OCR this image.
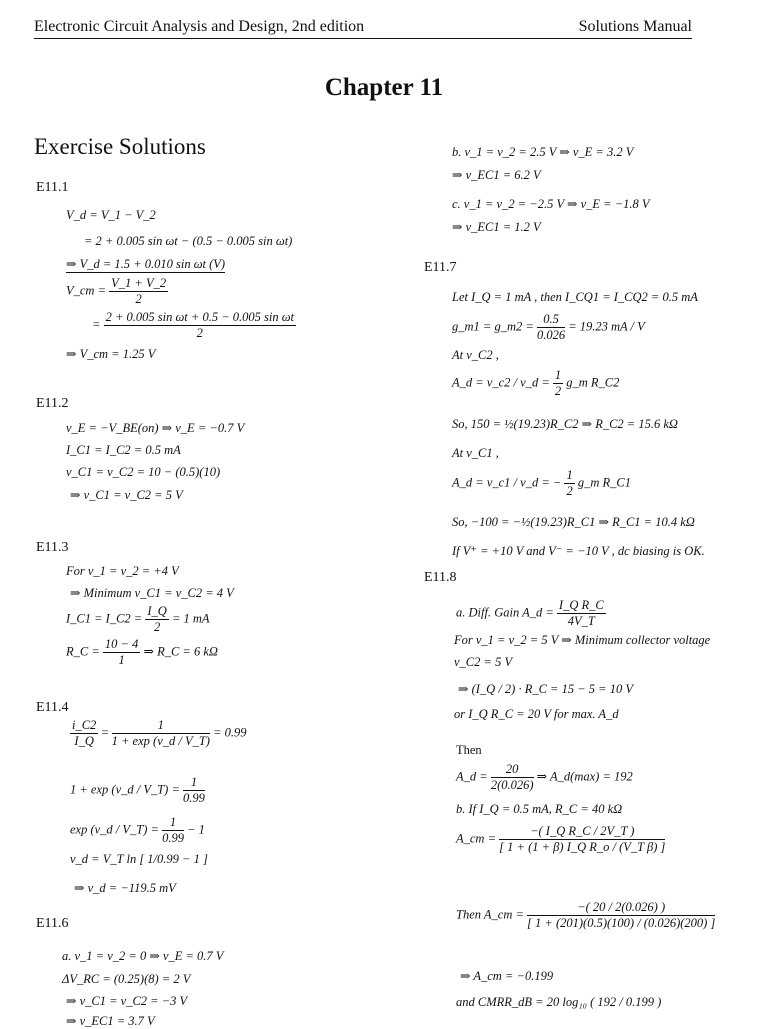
Electronic Circuit Analysis and Design, 2nd edition	Solutions Manual
Chapter 11
Exercise Solutions
E11.1
V_d = V_1 − V_2
= 2 + 0.005 sin ωt − (0.5 − 0.005 sin ωt)
⇒ V_d = 1.5 + 0.010 sin ωt (V)
V_cm = $\frac{V\_1 + V\_2}{2}$
= $\frac{\text{2 + 0.005 sin ωt + 0.5 − 0.005 sin ωt}}{2}$
⇒ V_cm = 1.25 V
E11.2
v_E = −V_BE(on) ⇒ v_E = −0.7 V
I_C1 = I_C2 = 0.5 mA
v_C1 = v_C2 = 10 − (0.5)(10)
⇒ v_C1 = v_C2 = 5 V
E11.3
For v_1 = v_2 = +4 V
⇒ Minimum v_C1 = v_C2 = 4 V
I_C1 = I_C2 = $\frac{I\_Q}{2} = 1$ mA
R_C = $\frac{10 - 4}{1}$ ⇒ R_C = 6 kΩ
E11.4
$\frac{i\_C2}{I\_Q} = \frac{1}{1 + \exp (v\_d / V\_T)} = 0.99$
1 + exp (v_d / V_T) = $\frac{1}{0.99}$
exp (v_d / V_T) = $\frac{1}{0.99} - 1$
v_d = V_T ln [ 1/0.99 − 1 ]
⇒ v_d = −119.5 mV
E11.6
a. v_1 = v_2 = 0 ⇒ v_E = 0.7 V
ΔV_RC = (0.25)(8) = 2 V
⇒ v_C1 = v_C2 = −3 V
⇒ v_EC1 = 3.7 V
b. v_1 = v_2 = 2.5 V ⇒ v_E = 3.2 V
⇒ v_EC1 = 6.2 V
c. v_1 = v_2 = −2.5 V ⇒ v_E = −1.8 V
⇒ v_EC1 = 1.2 V
E11.7
Let I_Q = 1 mA , then I_CQ1 = I_CQ2 = 0.5 mA
g_m1 = g_m2 = $\frac{0.5}{0.026} = 19.23$ mA / V
At v_C2 ,
A_d = v_c2 / v_d = $\frac{1}{2}$ g_m R_C2
So, 150 = ½(19.23)R_C2 ⇒ R_C2 = 15.6 kΩ
At v_C1 ,
A_d = v_c1 / v_d = − $\frac{1}{2}$ g_m R_C1
So, −100 = −½(19.23)R_C1 ⇒ R_C1 = 10.4 kΩ
If V⁺ = +10 V and V⁻ = −10 V , dc biasing is OK.
E11.8
a. Diff. Gain A_d = $\frac{\text{I\_Q R\_C}}{4V\_T}$
For v_1 = v_2 = 5 V ⇒ Minimum collector voltage
v_C2 = 5 V
⇒ (I_Q / 2) · R_C = 15 − 5 = 10 V
or I_Q R_C = 20 V for max. A_d
Then
A_d = $\frac{20}{2(0.026)}$ ⇒ A_d(max) = 192
b. If I_Q = 0.5 mA, R_C = 40 kΩ
A_cm = $\frac{\text{−( I\_Q R\_C / 2V\_T )}}{\text{[ 1 + (1 + β) I\_Q R\_o / (V\_T β) ]}}$
Then A_cm = $\frac{-( 20 / 2(0.026) )}{[ 1 + (201)(0.5)(100) / (0.026)(200) ]}$
⇒ A_cm = −0.199
and CMRR_dB = 20 log₁₀ ( 192 / 0.199 )
